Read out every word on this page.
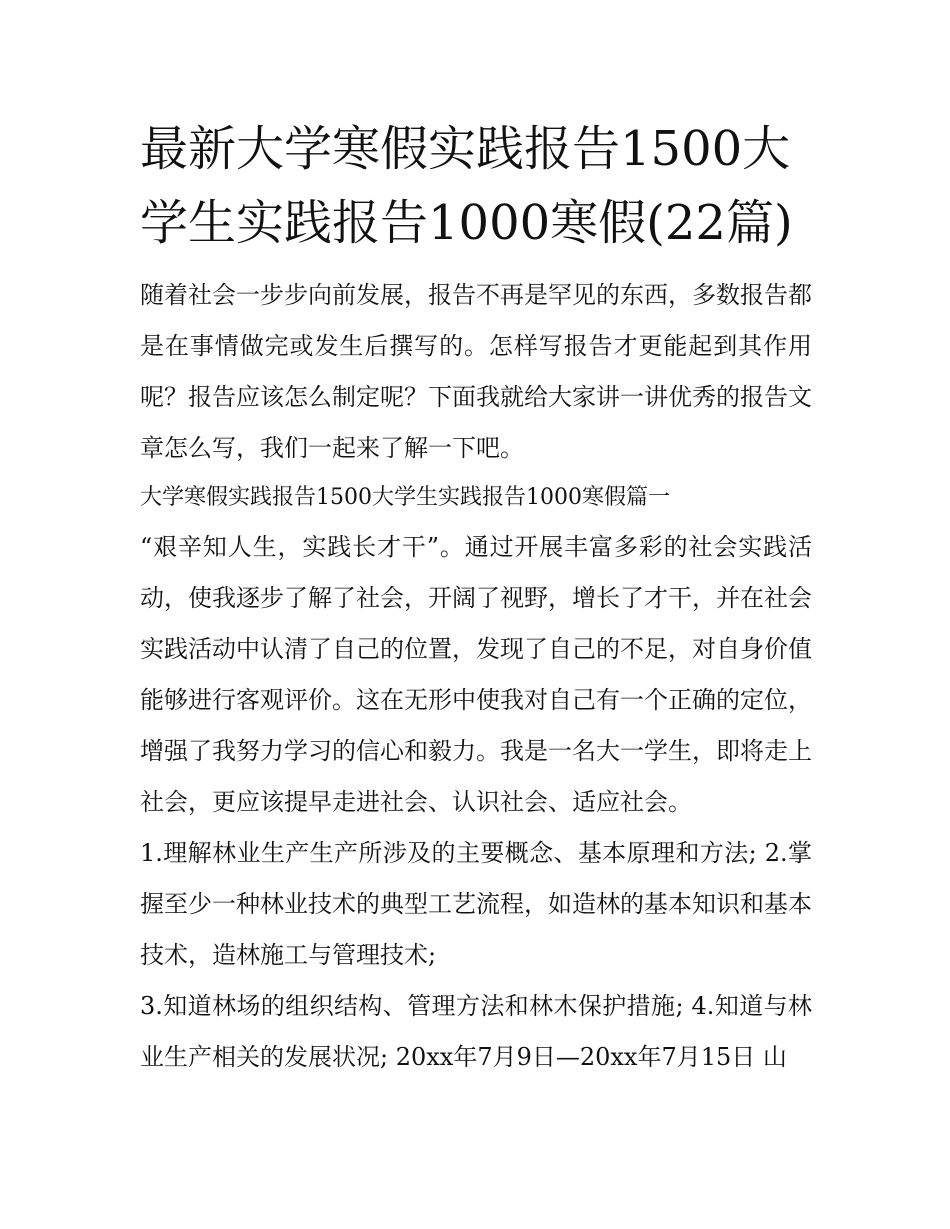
最新大学寒假实践报告1500大学生实践报告1000寒假(22篇)

随着社会一步步向前发展，报告不再是罕见的东西，多数报告都是在事情做完或发生后撰写的。怎样写报告才更能起到其作用呢？报告应该怎么制定呢？下面我就给大家讲一讲优秀的报告文章怎么写，我们一起来了解一下吧。

大学寒假实践报告1500大学生实践报告1000寒假篇一

“艰辛知人生，实践长才干”。通过开展丰富多彩的社会实践活动，使我逐步了解了社会，开阔了视野，增长了才干，并在社会实践活动中认清了自己的位置，发现了自己的不足，对自身价值能够进行客观评价。这在无形中使我对自己有一个正确的定位，增强了我努力学习的信心和毅力。我是一名大一学生，即将走上社会，更应该提早走进社会、认识社会、适应社会。

1.理解林业生产生产所涉及的主要概念、基本原理和方法; 2.掌握至少一种林业技术的典型工艺流程，如造林的基本知识和基本技术，造林施工与管理技术;

3.知道林场的组织结构、管理方法和林木保护措施; 4.知道与林业生产相关的发展状况; 20xx年7月9日—20xx年7月15日 山
